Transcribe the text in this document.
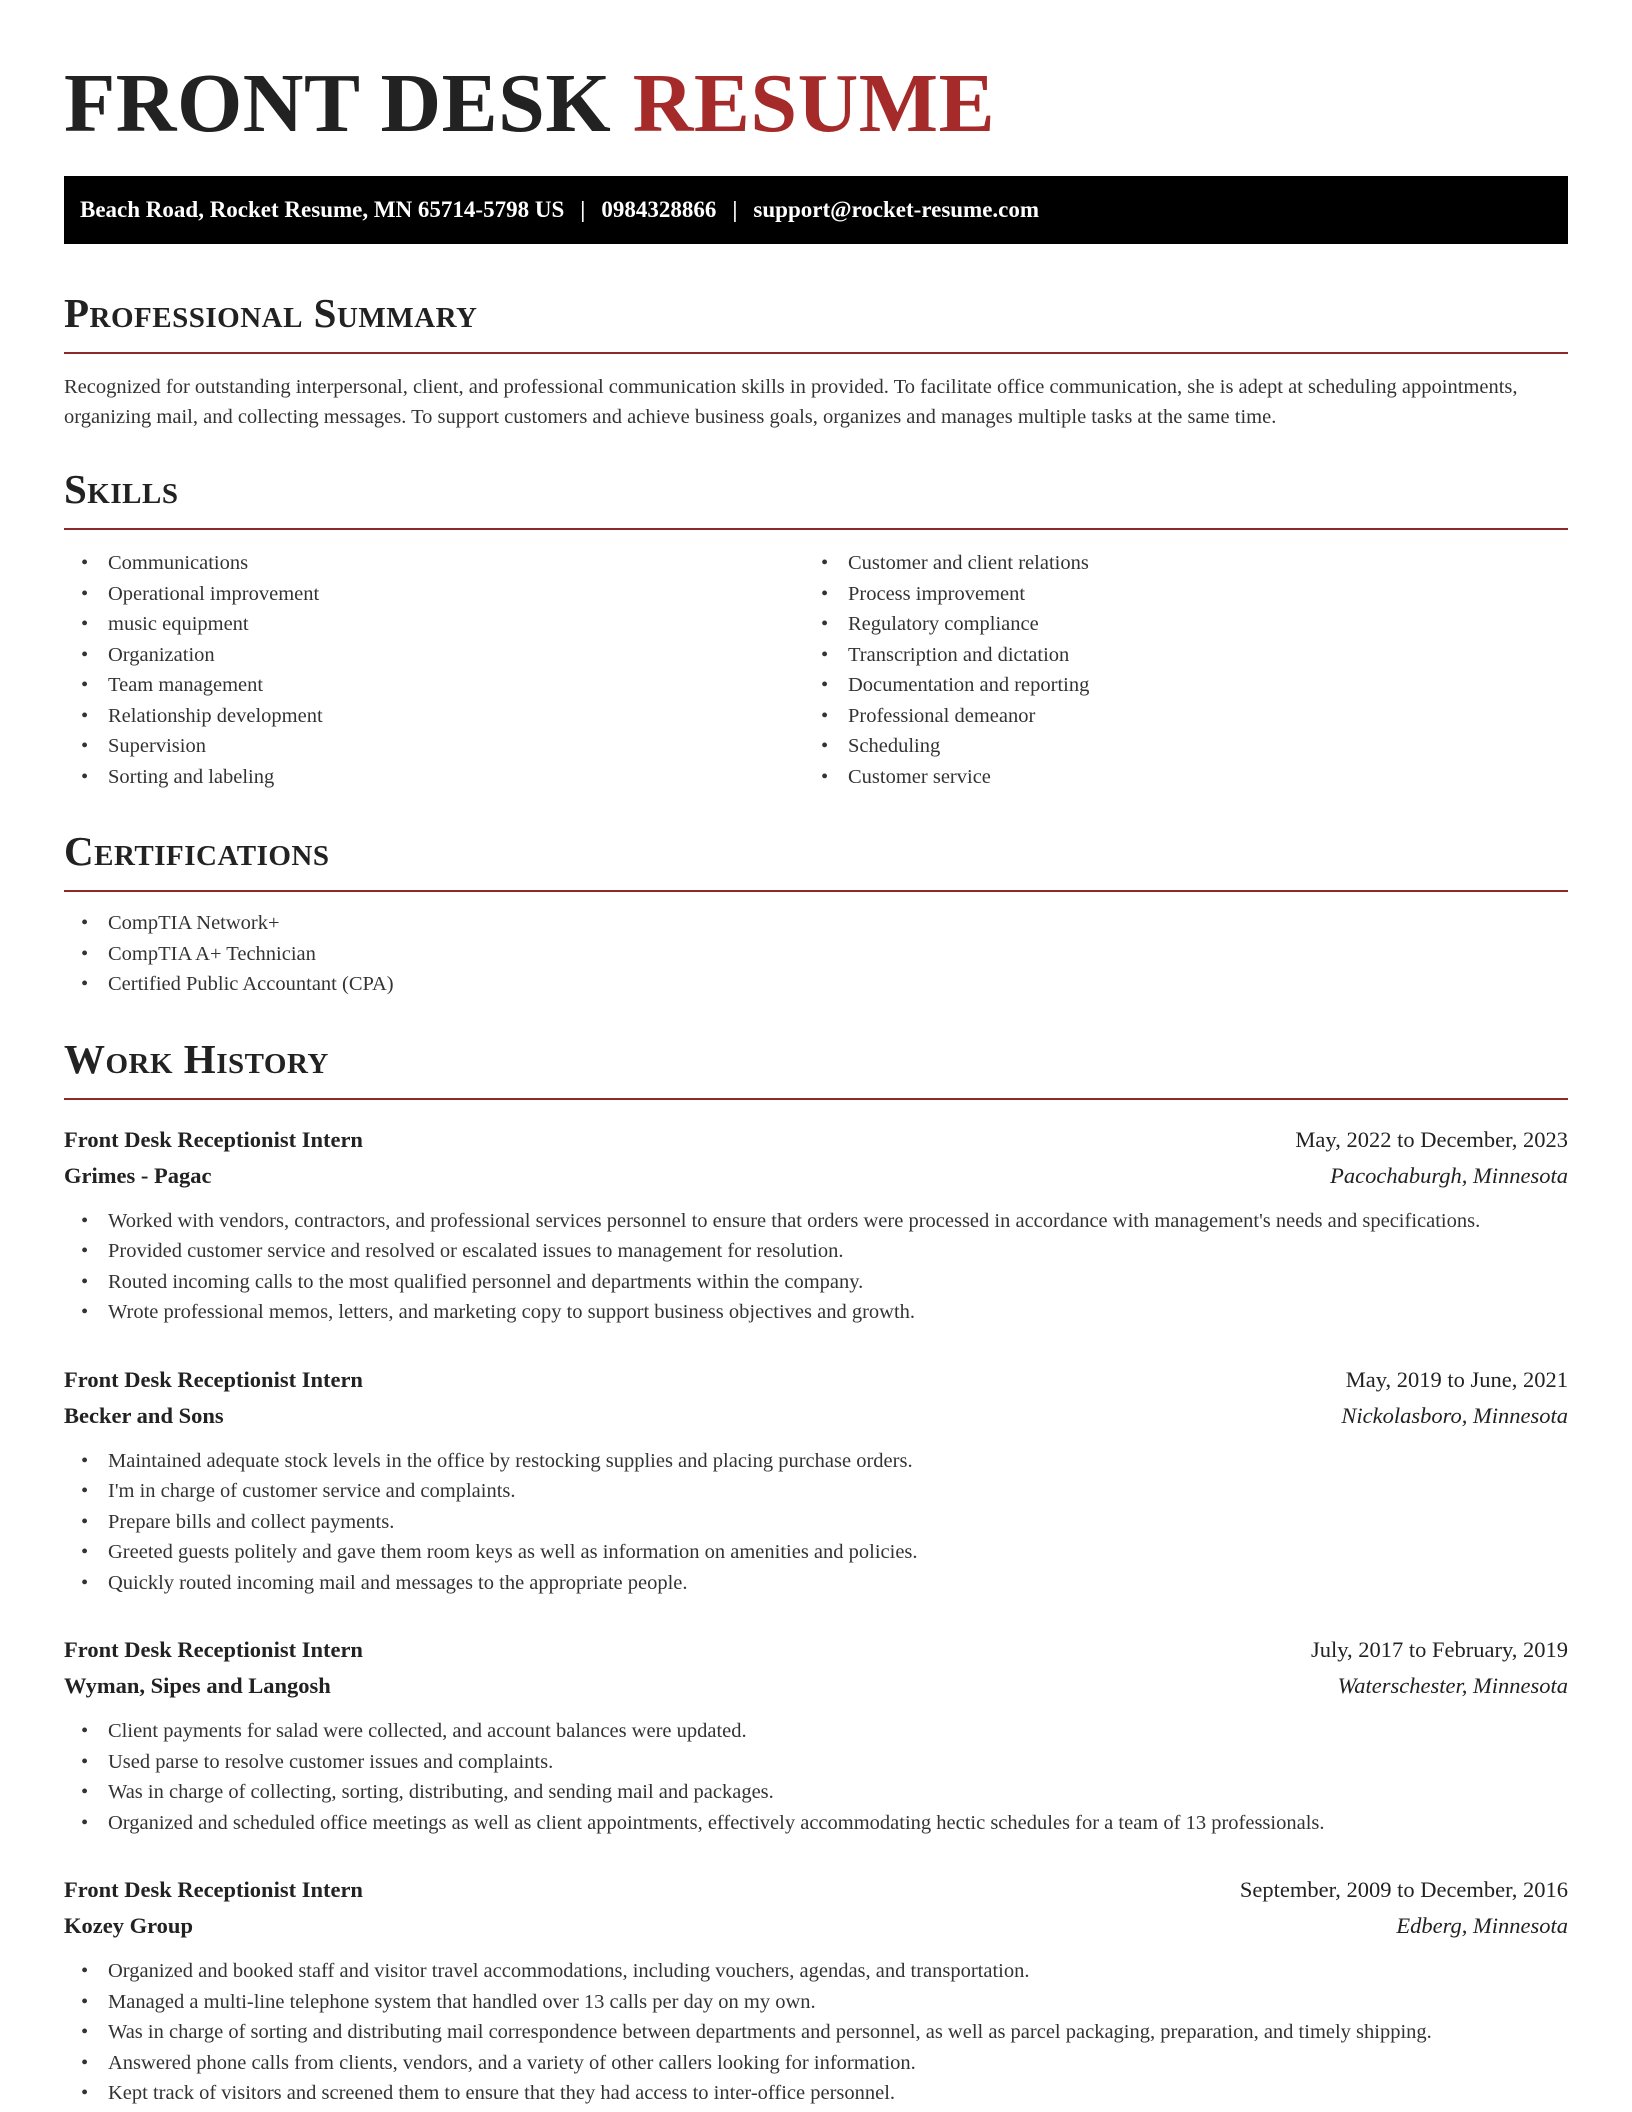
FRONT DESK RESUME
Beach Road, Rocket Resume, MN 65714-5798 US | 0984328866 | support@rocket-resume.com
Professional Summary

Recognized for outstanding interpersonal, client, and professional communication skills in provided. To facilitate office communication, she is adept at scheduling appointments, organizing mail, and collecting messages. To support customers and achieve business goals, organizes and manages multiple tasks at the same time.

Skills
• Communications
• Operational improvement
• music equipment
• Organization
• Team management
• Relationship development
• Supervision
• Sorting and labeling
• Customer and client relations
• Process improvement
• Regulatory compliance
• Transcription and dictation
• Documentation and reporting
• Professional demeanor
• Scheduling
• Customer service
Certifications
• CompTIA Network+
• CompTIA A+ Technician
• Certified Public Accountant (CPA)
Work History
Front Desk Receptionist Intern	May, 2022 to December, 2023
Grimes - Pagac	Pacochaburgh, Minnesota
• Worked with vendors, contractors, and professional services personnel to ensure that orders were processed in accordance with management's needs and specifications.
• Provided customer service and resolved or escalated issues to management for resolution.
• Routed incoming calls to the most qualified personnel and departments within the company.
• Wrote professional memos, letters, and marketing copy to support business objectives and growth.
Front Desk Receptionist Intern	May, 2019 to June, 2021
Becker and Sons	Nickolasboro, Minnesota
• Maintained adequate stock levels in the office by restocking supplies and placing purchase orders.
• I'm in charge of customer service and complaints.
• Prepare bills and collect payments.
• Greeted guests politely and gave them room keys as well as information on amenities and policies.
• Quickly routed incoming mail and messages to the appropriate people.
Front Desk Receptionist Intern	July, 2017 to February, 2019
Wyman, Sipes and Langosh	Waterschester, Minnesota
• Client payments for salad were collected, and account balances were updated.
• Used parse to resolve customer issues and complaints.
• Was in charge of collecting, sorting, distributing, and sending mail and packages.
• Organized and scheduled office meetings as well as client appointments, effectively accommodating hectic schedules for a team of 13 professionals.
Front Desk Receptionist Intern	September, 2009 to December, 2016
Kozey Group	Edberg, Minnesota
• Organized and booked staff and visitor travel accommodations, including vouchers, agendas, and transportation.
• Managed a multi-line telephone system that handled over 13 calls per day on my own.
• Was in charge of sorting and distributing mail correspondence between departments and personnel, as well as parcel packaging, preparation, and timely shipping.
• Answered phone calls from clients, vendors, and a variety of other callers looking for information.
• Kept track of visitors and screened them to ensure that they had access to inter-office personnel.
